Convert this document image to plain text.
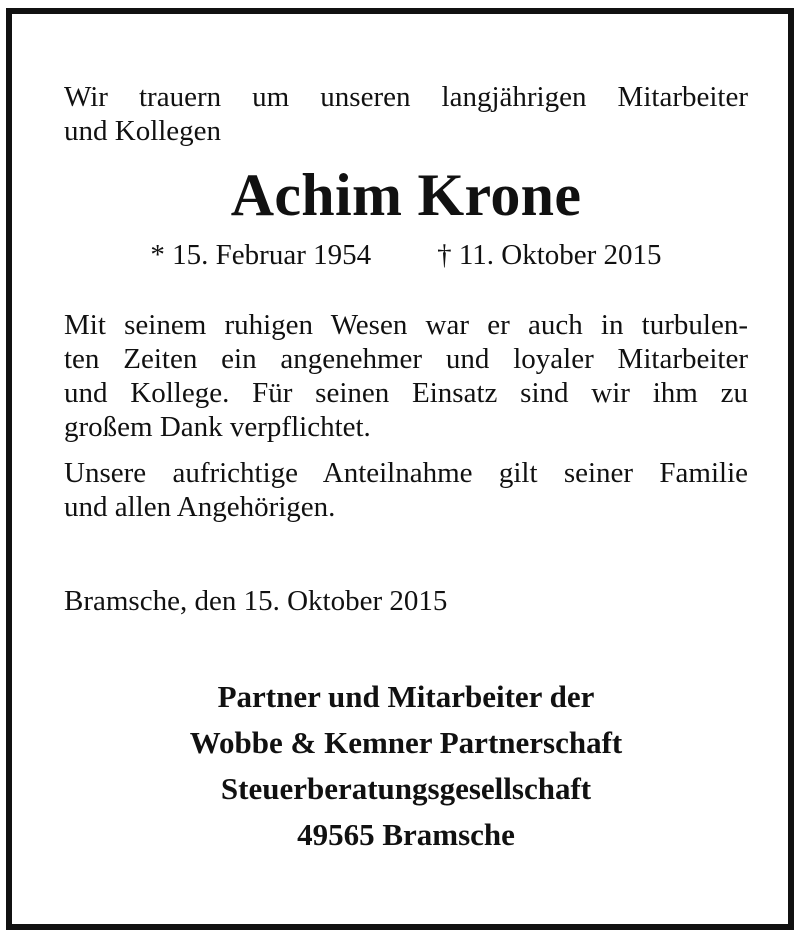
Wir trauern um unseren langjährigen Mitarbeiter
und Kollegen

Achim Krone
* 15. Februar 1954 † 11. Oktober 2015

Mit seinem ruhigen Wesen war er auch in turbulen-
ten Zeiten ein angenehmer und loyaler Mitarbeiter
und Kollege. Für seinen Einsatz sind wir ihm zu
großem Dank verpflichtet.

Unsere aufrichtige Anteilnahme gilt seiner Familie
und allen Angehörigen.

Bramsche, den 15. Oktober 2015
Partner und Mitarbeiter der
Wobbe & Kemner Partnerschaft
Steuerberatungsgesellschaft
49565 Bramsche
